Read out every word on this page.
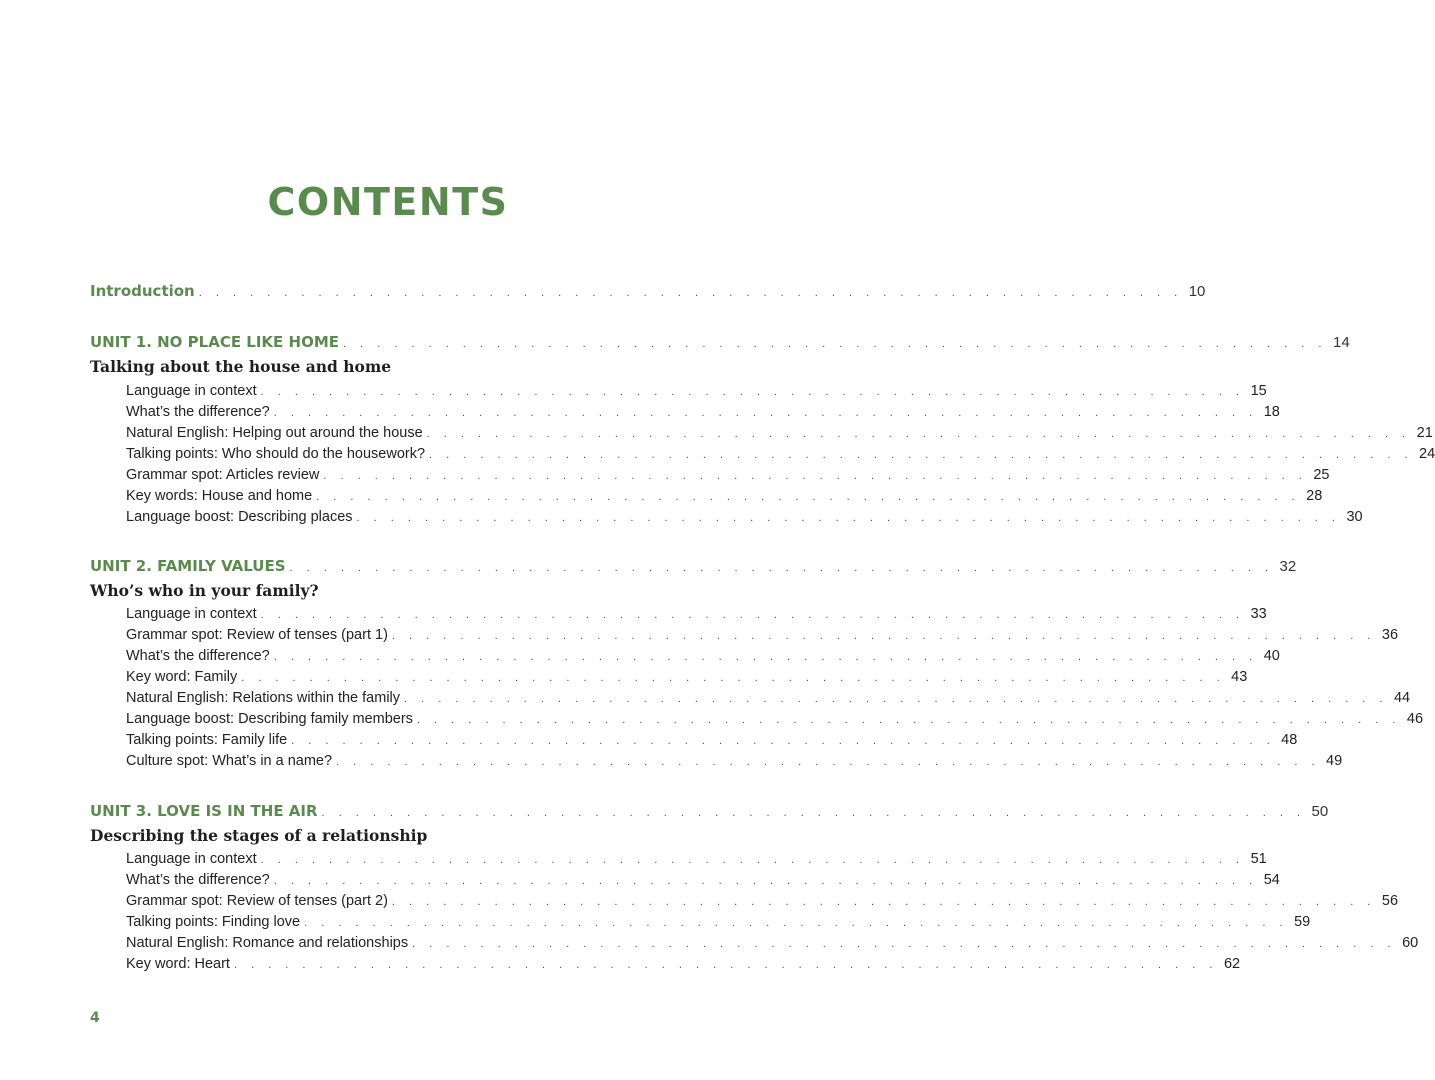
CONTENTS
Introduction . . . . . . . . . . . . . . . . . . . . . . . . . . . . . . . . . . . . . . . . . . . . . . . . . . . . . . . . . . 10
UNIT 1. NO PLACE LIKE HOME . . . . . . . . . . . . . . . . . . . . . . . . . . . . . . . . . . . . . . . . . . . . . . . . . . . . . . . . . . 14
Talking about the house and home
Language in context . . . . . . . . . . . . . . . . . . . . . . . . . . . . . . . . . . . . . . . . . . . . . . . . . . . . . . . . . . 15
What’s the difference? . . . . . . . . . . . . . . . . . . . . . . . . . . . . . . . . . . . . . . . . . . . . . . . . . . . . . . . . . . 18
Natural English: Helping out around the house . . . . . . . . . . . . . . . . . . . . . . . . . . . . . . . . . . . . . . . . . . . . . . . . . . . . . . . . . . 21
Talking points: Who should do the housework? . . . . . . . . . . . . . . . . . . . . . . . . . . . . . . . . . . . . . . . . . . . . . . . . . . . . . . . . . . 24
Grammar spot: Articles review . . . . . . . . . . . . . . . . . . . . . . . . . . . . . . . . . . . . . . . . . . . . . . . . . . . . . . . . . . 25
Key words: House and home . . . . . . . . . . . . . . . . . . . . . . . . . . . . . . . . . . . . . . . . . . . . . . . . . . . . . . . . . . 28
Language boost: Describing places . . . . . . . . . . . . . . . . . . . . . . . . . . . . . . . . . . . . . . . . . . . . . . . . . . . . . . . . . . 30
UNIT 2. FAMILY VALUES . . . . . . . . . . . . . . . . . . . . . . . . . . . . . . . . . . . . . . . . . . . . . . . . . . . . . . . . . . 32
Who’s who in your family?
Language in context . . . . . . . . . . . . . . . . . . . . . . . . . . . . . . . . . . . . . . . . . . . . . . . . . . . . . . . . . . 33
Grammar spot: Review of tenses (part 1) . . . . . . . . . . . . . . . . . . . . . . . . . . . . . . . . . . . . . . . . . . . . . . . . . . . . . . . . . . 36
What’s the difference? . . . . . . . . . . . . . . . . . . . . . . . . . . . . . . . . . . . . . . . . . . . . . . . . . . . . . . . . . . 40
Key word: Family . . . . . . . . . . . . . . . . . . . . . . . . . . . . . . . . . . . . . . . . . . . . . . . . . . . . . . . . . . 43
Natural English: Relations within the family . . . . . . . . . . . . . . . . . . . . . . . . . . . . . . . . . . . . . . . . . . . . . . . . . . . . . . . . . . 44
Language boost: Describing family members . . . . . . . . . . . . . . . . . . . . . . . . . . . . . . . . . . . . . . . . . . . . . . . . . . . . . . . . . . 46
Talking points: Family life . . . . . . . . . . . . . . . . . . . . . . . . . . . . . . . . . . . . . . . . . . . . . . . . . . . . . . . . . . 48
Culture spot: What’s in a name? . . . . . . . . . . . . . . . . . . . . . . . . . . . . . . . . . . . . . . . . . . . . . . . . . . . . . . . . . . 49
UNIT 3. LOVE IS IN THE AIR . . . . . . . . . . . . . . . . . . . . . . . . . . . . . . . . . . . . . . . . . . . . . . . . . . . . . . . . . . 50
Describing the stages of a relationship
Language in context . . . . . . . . . . . . . . . . . . . . . . . . . . . . . . . . . . . . . . . . . . . . . . . . . . . . . . . . . . 51
What’s the difference? . . . . . . . . . . . . . . . . . . . . . . . . . . . . . . . . . . . . . . . . . . . . . . . . . . . . . . . . . . 54
Grammar spot: Review of tenses (part 2) . . . . . . . . . . . . . . . . . . . . . . . . . . . . . . . . . . . . . . . . . . . . . . . . . . . . . . . . . . 56
Talking points: Finding love . . . . . . . . . . . . . . . . . . . . . . . . . . . . . . . . . . . . . . . . . . . . . . . . . . . . . . . . . . 59
Natural English: Romance and relationships . . . . . . . . . . . . . . . . . . . . . . . . . . . . . . . . . . . . . . . . . . . . . . . . . . . . . . . . . . 60
Key word: Heart . . . . . . . . . . . . . . . . . . . . . . . . . . . . . . . . . . . . . . . . . . . . . . . . . . . . . . . . . . 62
4
